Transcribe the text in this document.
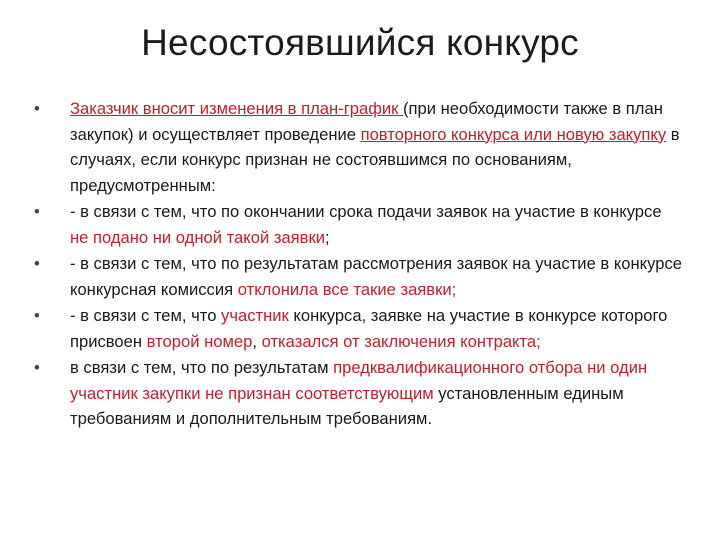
Несостоявшийся конкурс
•	Заказчик вносит изменения в план-график (при необходимости также в план закупок) и осуществляет проведение повторного конкурса или новую закупку в случаях, если конкурс признан не состоявшимся по основаниям, предусмотренным:
•	- в связи с тем, что по окончании срока подачи заявок на участие в конкурсе не подано ни одной такой заявки;
•	- в связи с тем, что по результатам рассмотрения заявок на участие в конкурсе конкурсная комиссия отклонила все такие заявки;
•	- в связи с тем, что участник конкурса, заявке на участие в конкурсе которого присвоен второй номер, отказался от заключения контракта;
•	в связи с тем, что по результатам предквалификационного отбора ни один участник закупки не признан соответствующим установленным единым требованиям и дополнительным требованиям.
